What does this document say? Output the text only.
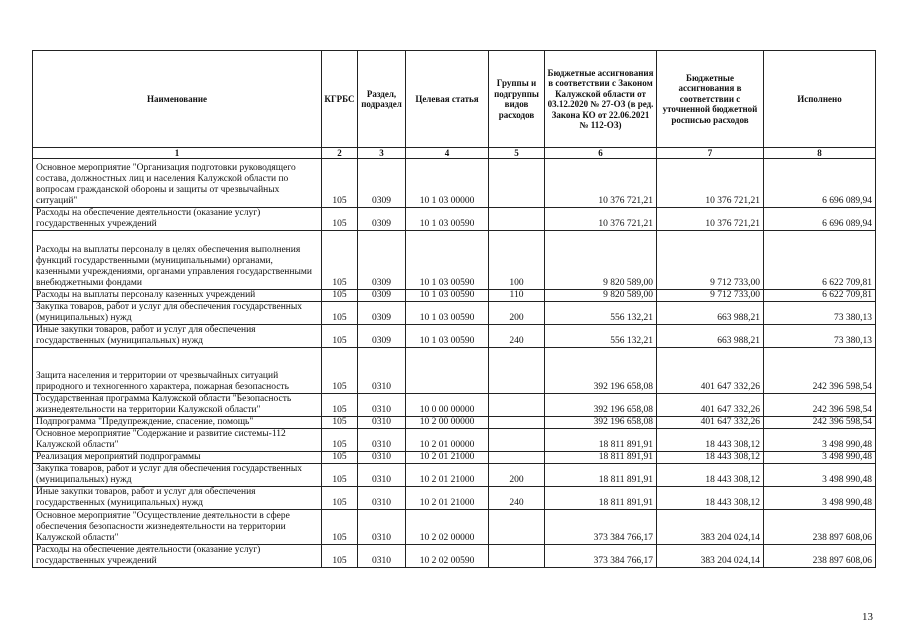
Наименование	КГРБС	Раздел, подраздел	Целевая статья	Группы и подгруппы видов расходов	Бюджетные ассигнования в соответствии с Законом Калужской области от 03.12.2020 № 27-ОЗ (в ред. Закона КО от 22.06.2021 № 112-ОЗ)	Бюджетные ассигнования в соответствии с уточненной бюджетной росписью расходов	Исполнено
1	2	3	4	5	6	7	8
Основное мероприятие "Организация подготовки руководящего состава, должностных лиц и населения Калужской области по вопросам гражданской обороны и защиты от чрезвычайных ситуаций"	105	0309	10 1 03 00000		10 376 721,21	10 376 721,21	6 696 089,94
Расходы на обеспечение деятельности (оказание услуг) государственных учреждений	105	0309	10 1 03 00590		10 376 721,21	10 376 721,21	6 696 089,94
Расходы на выплаты персоналу в целях обеспечения выполнения функций государственными (муниципальными) органами, казенными учреждениями, органами управления государственными внебюджетными фондами	105	0309	10 1 03 00590	100	9 820 589,00	9 712 733,00	6 622 709,81
Расходы на выплаты персоналу казенных учреждений	105	0309	10 1 03 00590	110	9 820 589,00	9 712 733,00	6 622 709,81
Закупка товаров, работ и услуг для обеспечения государственных (муниципальных) нужд	105	0309	10 1 03 00590	200	556 132,21	663 988,21	73 380,13
Иные закупки товаров, работ и услуг для обеспечения государственных (муниципальных) нужд	105	0309	10 1 03 00590	240	556 132,21	663 988,21	73 380,13
Защита населения и территории от чрезвычайных ситуаций природного и техногенного характера, пожарная безопасность	105	0310			392 196 658,08	401 647 332,26	242 396 598,54
Государственная программа Калужской области "Безопасность жизнедеятельности на территории Калужской области"	105	0310	10 0 00 00000		392 196 658,08	401 647 332,26	242 396 598,54
Подпрограмма "Предупреждение, спасение, помощь"	105	0310	10 2 00 00000		392 196 658,08	401 647 332,26	242 396 598,54
Основное мероприятие "Содержание и развитие системы-112 Калужской области"	105	0310	10 2 01 00000		18 811 891,91	18 443 308,12	3 498 990,48
Реализация мероприятий подпрограммы	105	0310	10 2 01 21000		18 811 891,91	18 443 308,12	3 498 990,48
Закупка товаров, работ и услуг для обеспечения государственных (муниципальных) нужд	105	0310	10 2 01 21000	200	18 811 891,91	18 443 308,12	3 498 990,48
Иные закупки товаров, работ и услуг для обеспечения государственных (муниципальных) нужд	105	0310	10 2 01 21000	240	18 811 891,91	18 443 308,12	3 498 990,48
Основное мероприятие "Осуществление деятельности в сфере обеспечения безопасности жизнедеятельности на территории Калужской области"	105	0310	10 2 02 00000		373 384 766,17	383 204 024,14	238 897 608,06
Расходы на обеспечение деятельности (оказание услуг) государственных учреждений	105	0310	10 2 02 00590		373 384 766,17	383 204 024,14	238 897 608,06
13
